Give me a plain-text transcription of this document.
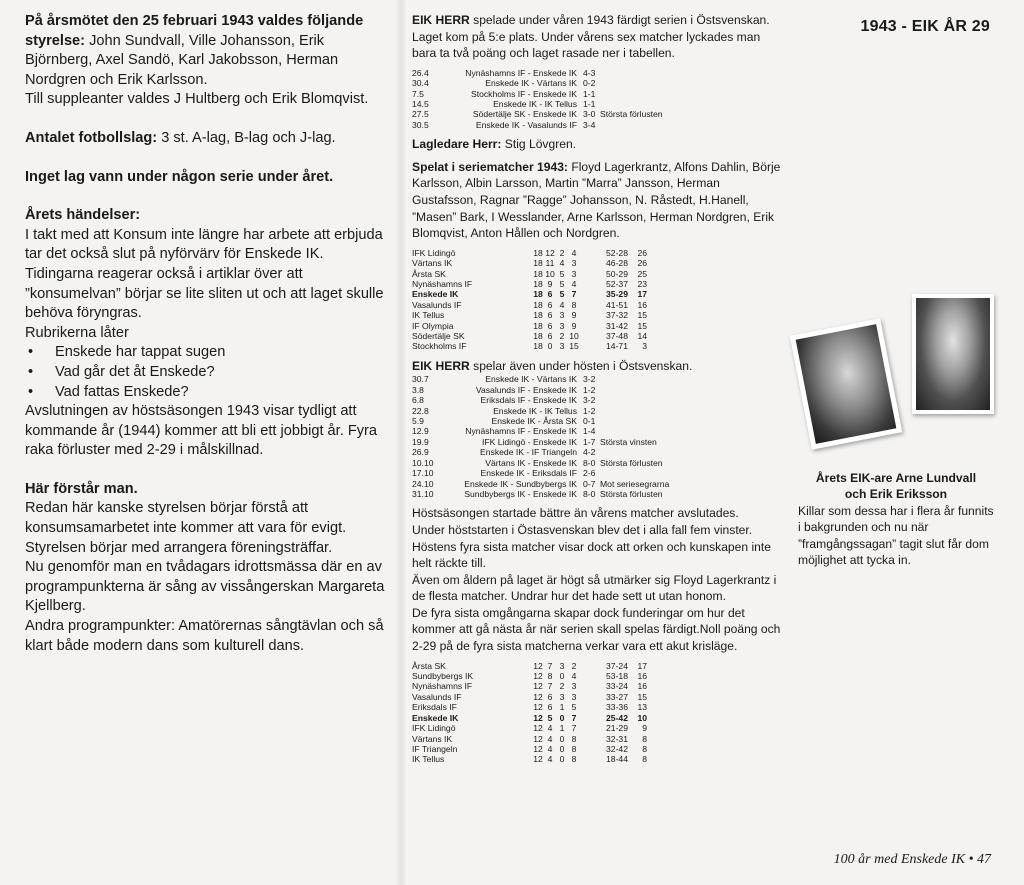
1943 - EIK ÅR 29

På årsmötet den 25 februari 1943 valdes följande styrelse: John Sundvall, Ville Johansson, Erik Björnberg, Axel Sandö, Karl Jakobsson, Herman Nordgren och Erik Karlsson.

Till suppleanter valdes J Hultberg och Erik Blomqvist.

Antalet fotbollslag: 3 st. A-lag, B-lag och J-lag.

Inget lag vann under någon serie under året.

Årets händelser:

I takt med att Konsum inte längre har arbete att erbjuda tar det också slut på nyförvärv för Enskede IK. Tidingarna reagerar också i artiklar över att ”konsumelvan” börjar se lite sliten ut och att laget skulle behöva föryngras.

Rubrikerna låter

• Enskede har tappat sugen
• Vad går det åt Enskede?
• Vad fattas Enskede?

Avslutningen av höstsäsongen 1943 visar tydligt att kommande år (1944) kommer att bli ett jobbigt år. Fyra raka förluster med 2-29 i målskillnad.

Här förstår man.

Redan här kanske styrelsen börjar förstå att konsumsamarbetet inte kommer att vara för evigt.

Styrelsen börjar med arrangera föreningsträffar.

Nu genomför man en tvådagars idrottsmässa där en av programpunkterna är sång av vissångerskan Margareta Kjellberg.

Andra programpunkter: Amatörernas sångtävlan och så klart både modern dans som kulturell dans.

EIK HERR spelade under våren 1943 färdigt serien i Östsvenskan. Laget kom på 5:e plats. Under vårens sex matcher lyckades man bara ta två poäng och laget rasade ner i tabellen.

26.4	Nynäshamns IF - Enskede IK	4-3	
30.4	Enskede IK - Värtans IK	0-2	
7.5	Stockholms IF - Enskede IK	1-1	
14.5	Enskede IK - IK Tellus	1-1	
27.5	Södertälje SK - Enskede IK	3-0	Största förlusten
30.5	Enskede IK - Vasalunds IF	3-4	

Lagledare Herr: Stig Lövgren.

Spelat i seriematcher 1943: Floyd Lagerkrantz, Alfons Dahlin, Börje Karlsson, Albin Larsson, Martin ”Marra” Jansson, Herman Gustafsson, Ragnar ”Ragge” Johansson, N. Råstedt, H.Hanell, ”Masen” Bark, I Wesslander, Arne Karlsson, Herman Nordgren, Erik Blomqvist, Anton Hållen och Nordgren.

IFK Lidingö	18	12	2	4	52-28	26
Värtans IK	18	11	4	3	46-28	26
Årsta SK	18	10	5	3	50-29	25
Nynäshamns IF	18	9	5	4	52-37	23
Enskede IK	18	6	5	7	35-29	17
Vasalunds IF	18	6	4	8	41-51	16
IK Tellus	18	6	3	9	37-32	15
IF Olympia	18	6	3	9	31-42	15
Södertälje SK	18	6	2	10	37-48	14
Stockholms IF	18	0	3	15	14-71	3

EIK HERR spelar även under hösten i Östsvenskan.

30.7	Enskede IK - Värtans IK	3-2	
3.8	Vasalunds IF - Enskede IK	1-2	
6.8	Eriksdals IF - Enskede IK	3-2	
22.8	Enskede IK - IK Tellus	1-2	
5.9	Enskede IK - Årsta SK	0-1	
12.9	Nynäshamns IF - Enskede IK	1-4	
19.9	IFK Lidingö - Enskede IK	1-7	Största vinsten
26.9	Enskede IK - IF Triangeln	4-2	
10.10	Värtans IK - Enskede IK	8-0	Största förlusten
17.10	Enskede IK - Eriksdals IF	2-6	
24.10	Enskede IK - Sundbybergs IK	0-7	Mot seriesegrarna
31.10	Sundbybergs IK - Enskede IK	8-0	Största förlusten

Höstsäsongen startade bättre än vårens matcher avslutades.

Under höststarten i Östasvenskan blev det i alla fall fem vinster. Höstens fyra sista matcher visar dock att orken och kunskapen inte helt räckte till.

Även om åldern på laget är högt så utmärker sig Floyd Lagerkrantz i de flesta matcher. Undrar hur det hade sett ut utan honom.

De fyra sista omgångarna skapar dock funderingar om hur det kommer att gå nästa år när serien skall spelas färdigt.Noll poäng och 2-29 på de fyra sista matcherna verkar vara ett akut krisläge.

Årsta SK	12	7	3	2	37-24	17
Sundbybergs IK	12	8	0	4	53-18	16
Nynäshamns IF	12	7	2	3	33-24	16
Vasalunds IF	12	6	3	3	33-27	15
Eriksdals IF	12	6	1	5	33-36	13
Enskede IK	12	5	0	7	25-42	10
IFK Lidingö	12	4	1	7	21-29	9
Värtans IK	12	4	0	8	32-31	8
IF Triangeln	12	4	0	8	32-42	8
IK Tellus	12	4	0	8	18-44	8
Årets EIK-are Arne Lundvall
och Erik Eriksson
Killar som dessa har i flera år funnits i bakgrunden och nu när ”framgångssagan” tagit slut får dom möjlighet att tycka in.
100 år med Enskede IK • 47
